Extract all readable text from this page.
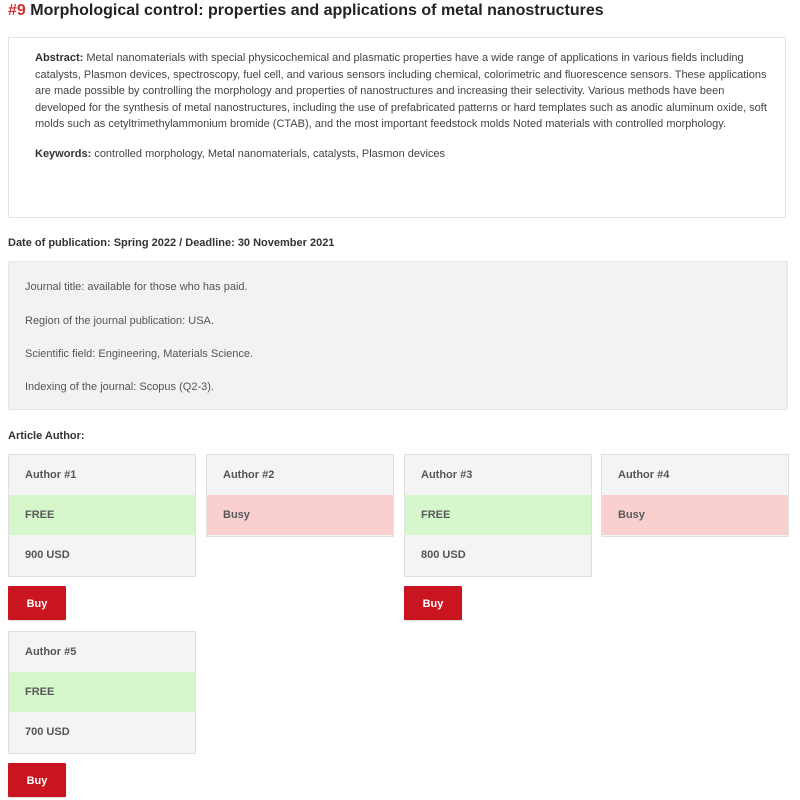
#9 Morphological control: properties and applications of metal nanostructures

Abstract: Metal nanomaterials with special physicochemical and plasmatic properties have a wide range of applications in various fields including catalysts, Plasmon devices, spectroscopy, fuel cell, and various sensors including chemical, colorimetric and fluorescence sensors. These applications are made possible by controlling the morphology and properties of nanostructures and increasing their selectivity. Various methods have been developed for the synthesis of metal nanostructures, including the use of prefabricated patterns or hard templates such as anodic aluminum oxide, soft molds such as cetyltrimethylammonium bromide (CTAB), and the most important feedstock molds Noted materials with controlled morphology.

Keywords: controlled morphology, Metal nanomaterials, catalysts, Plasmon devices

Date of publication: Spring 2022 / Deadline: 30 November 2021
Journal title: available for those who has paid.
Region of the journal publication: USA.
Scientific field: Engineering, Materials Science.
Indexing of the journal: Scopus (Q2-3).
Article Author:
Author #1
FREE
900 USD
Buy
Author #2
Busy
Author #3
FREE
800 USD
Buy
Author #4
Busy
Author #5
FREE
700 USD
Buy
